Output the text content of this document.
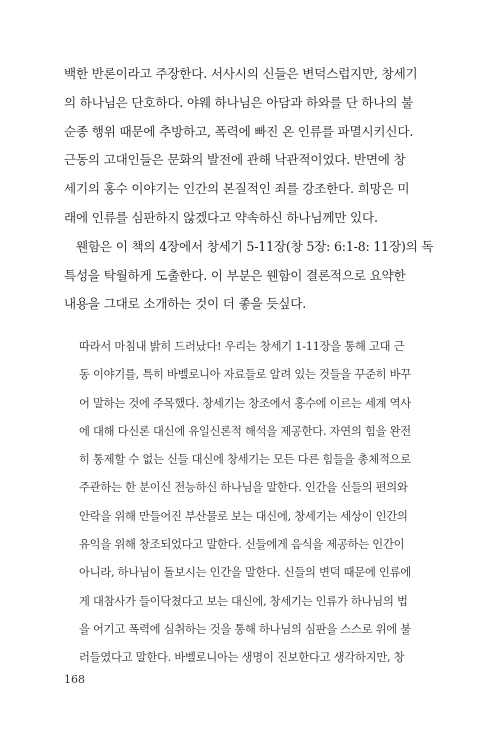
백한 반론이라고 주장한다. 서사시의 신들은 변덕스럽지만, 창세기
의 하나님은 단호하다. 야웨 하나님은 아담과 하와를 단 하나의 불
순종 행위 때문에 추방하고, 폭력에 빠진 온 인류를 파멸시키신다.
근동의 고대인들은 문화의 발전에 관해 낙관적이었다. 반면에 창
세기의 홍수 이야기는 인간의 본질적인 죄를 강조한다. 희망은 미
래에 인류를 심판하지 않겠다고 약속하신 하나님께만 있다.
웬함은 이 책의 4장에서 창세기 5-11장(창 5장: 6:1-8: 11장)의 독
특성을 탁월하게 도출한다. 이 부분은 웬함이 결론적으로 요약한
내용을 그대로 소개하는 것이 더 좋을 듯싶다.
따라서 마침내 밝히 드러났다! 우리는 창세기 1-11장을 통해 고대 근
동 이야기를, 특히 바벨로니아 자료들로 알려 있는 것들을 꾸준히 바꾸
어 말하는 것에 주목했다. 창세기는 창조에서 홍수에 이르는 세계 역사
에 대해 다신론 대신에 유일신론적 해석을 제공한다. 자연의 힘을 완전
히 통제할 수 없는 신들 대신에 창세기는 모든 다른 힘들을 총체적으로
주관하는 한 분이신 전능하신 하나님을 말한다. 인간을 신들의 편의와
안락을 위해 만들어진 부산물로 보는 대신에, 창세기는 세상이 인간의
유익을 위해 창조되었다고 말한다. 신들에게 음식을 제공하는 인간이
아니라, 하나님이 돌보시는 인간을 말한다. 신들의 변덕 때문에 인류에
게 대참사가 들이닥쳤다고 보는 대신에, 창세기는 인류가 하나님의 법
을 어기고 폭력에 심취하는 것을 통해 하나님의 심판을 스스로 위에 불
러들였다고 말한다. 바벨로니아는 생명이 진보한다고 생각하지만, 창
168
